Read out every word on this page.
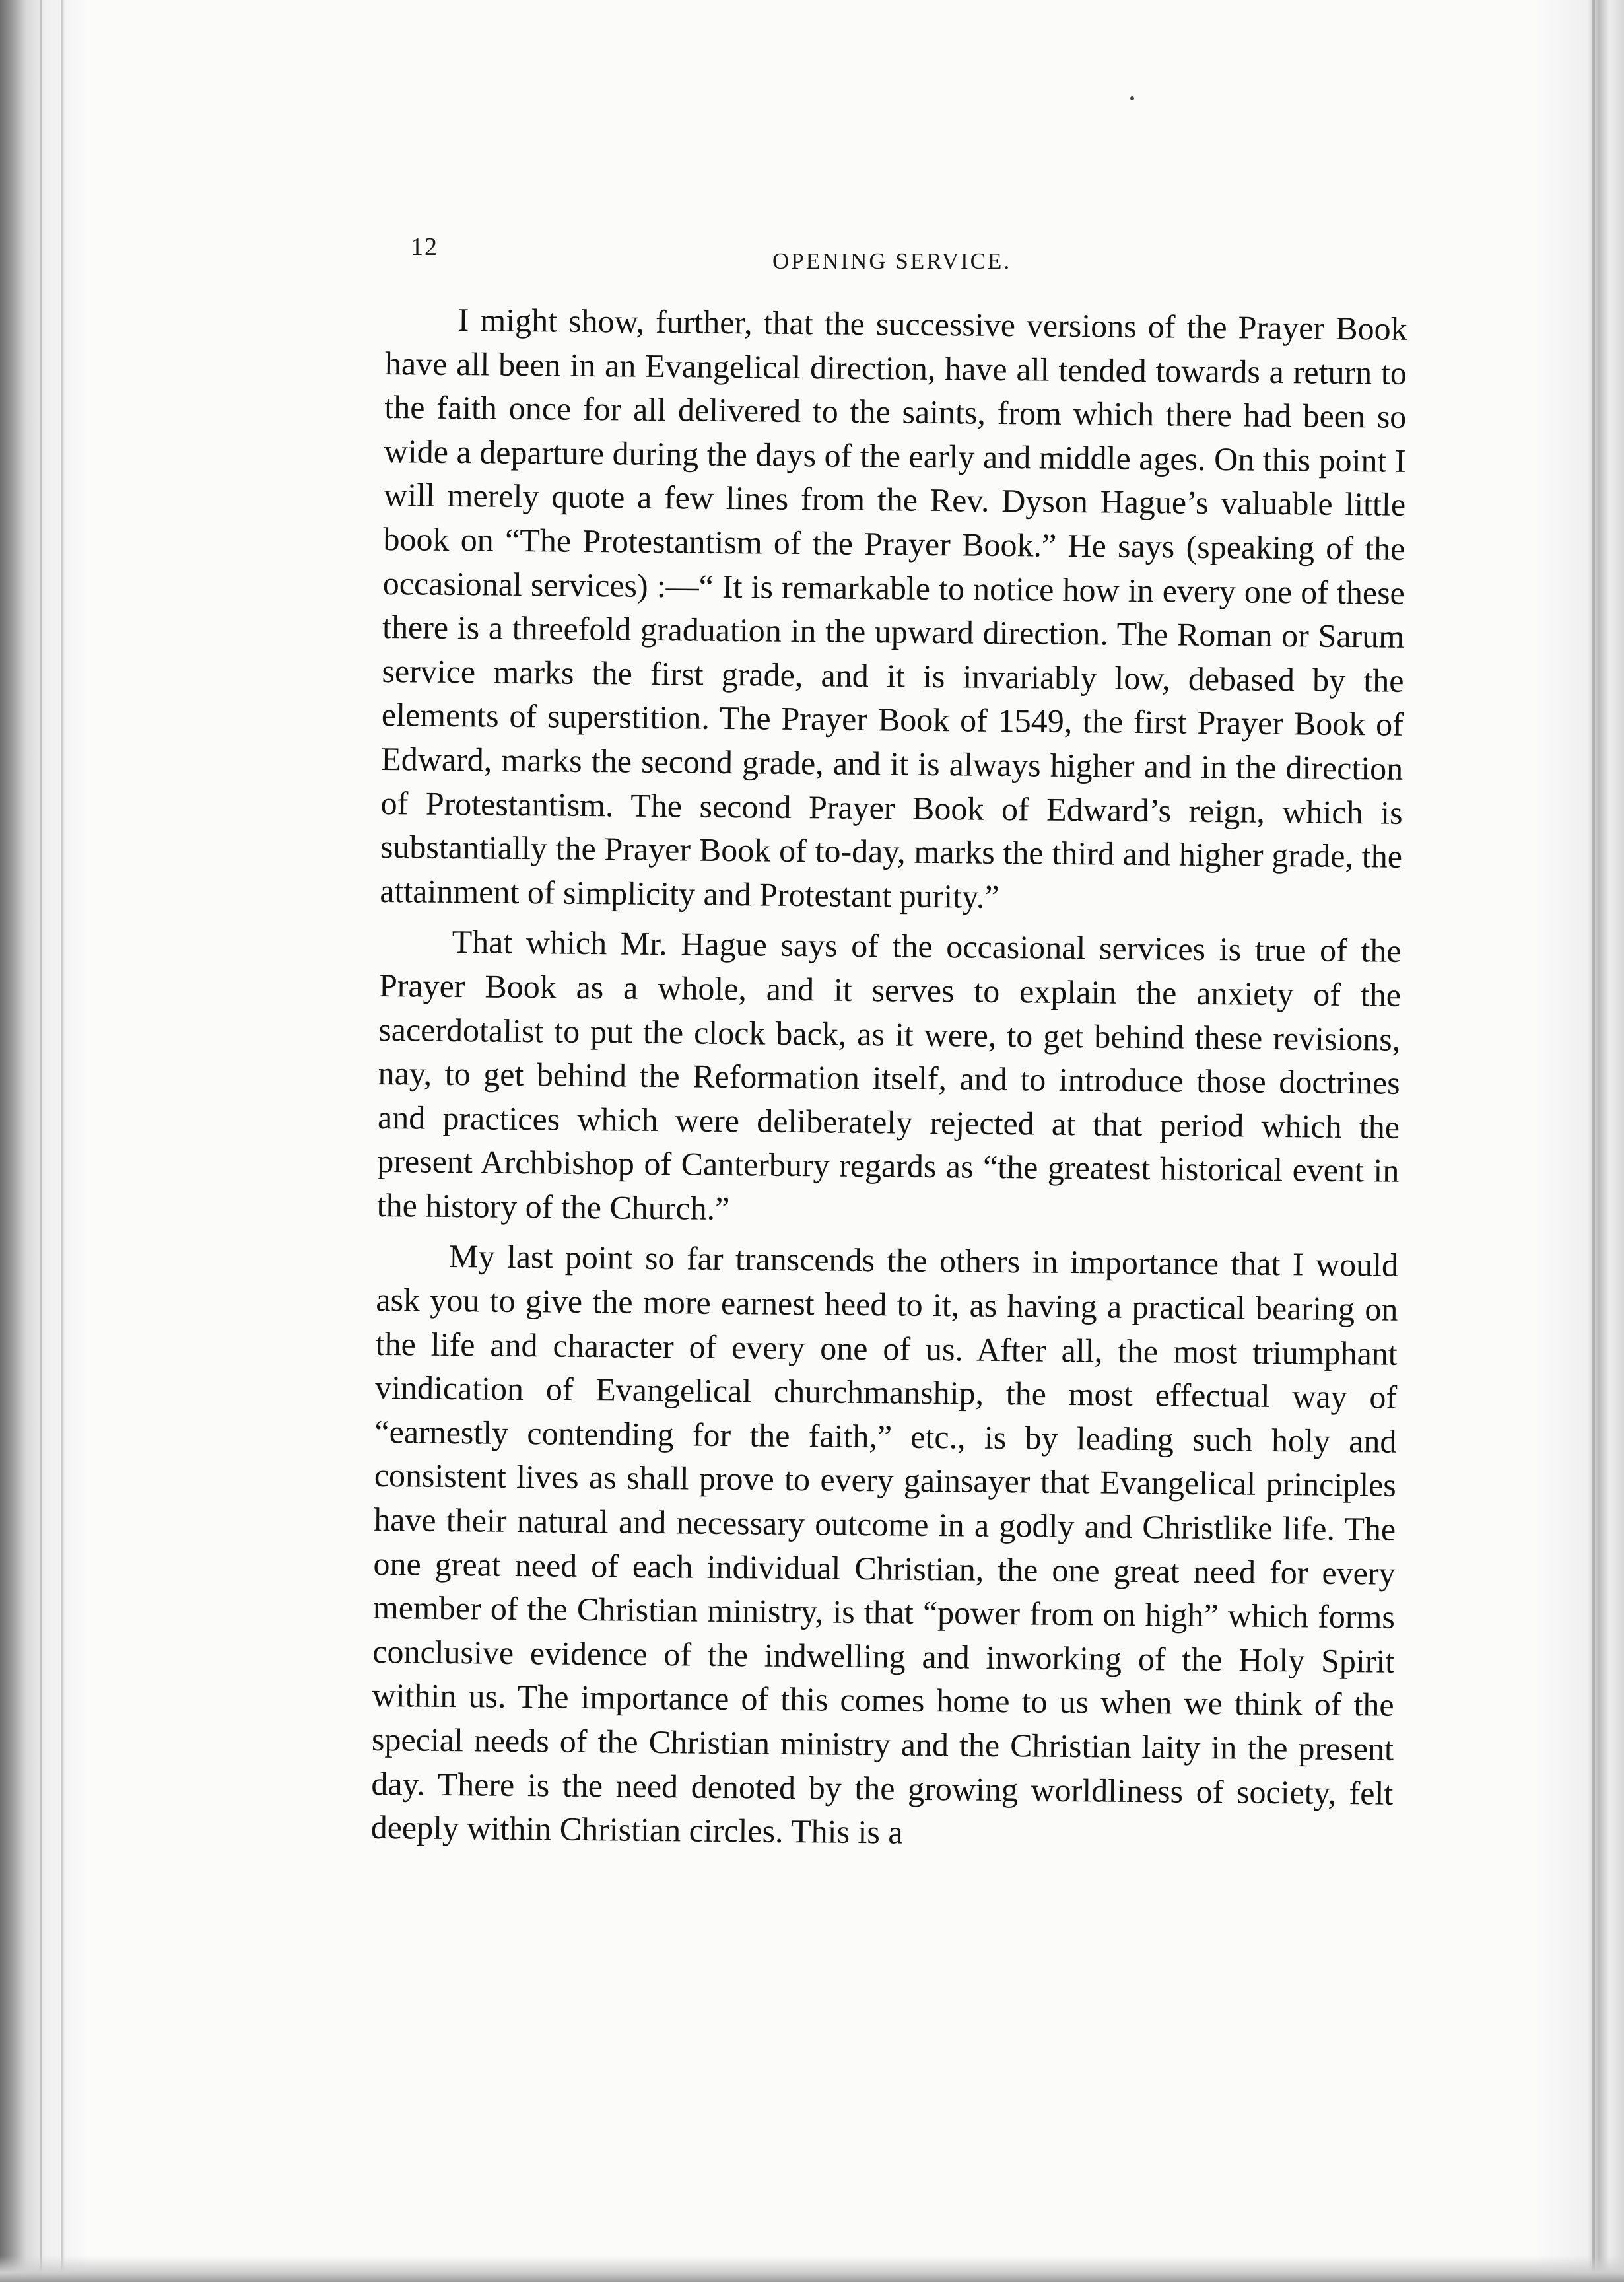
12
OPENING SERVICE.

I might show, further, that the successive versions of the Prayer Book have all been in an Evangelical direction, have all tended towards a return to the faith once for all delivered to the saints, from which there had been so wide a departure during the days of the early and middle ages. On this point I will merely quote a few lines from the Rev. Dyson Hague’s valuable little book on “The Protestantism of the Prayer Book.” He says (speaking of the occasional services) :—“ It is remarkable to notice how in every one of these there is a threefold graduation in the upward direction. The Roman or Sarum service marks the first grade, and it is invariably low, debased by the elements of superstition. The Prayer Book of 1549, the first Prayer Book of Edward, marks the second grade, and it is always higher and in the direction of Protestantism. The second Prayer Book of Edward’s reign, which is substantially the Prayer Book of to-day, marks the third and higher grade, the attainment of simplicity and Protestant purity.”

That which Mr. Hague says of the occasional services is true of the Prayer Book as a whole, and it serves to explain the anxiety of the sacerdotalist to put the clock back, as it were, to get behind these revisions, nay, to get behind the Reformation itself, and to introduce those doctrines and practices which were deliberately rejected at that period which the present Archbishop of Canterbury regards as “the greatest historical event in the history of the Church.”

My last point so far transcends the others in importance that I would ask you to give the more earnest heed to it, as having a practical bearing on the life and character of every one of us. After all, the most triumphant vindication of Evangelical churchmanship, the most effectual way of “earnestly contending for the faith,” etc., is by leading such holy and consistent lives as shall prove to every gainsayer that Evangelical principles have their natural and necessary outcome in a godly and Christlike life. The one great need of each individual Christian, the one great need for every member of the Christian ministry, is that “power from on high” which forms conclusive evidence of the indwelling and inworking of the Holy Spirit within us. The importance of this comes home to us when we think of the special needs of the Christian ministry and the Christian laity in the present day. There is the need denoted by the growing worldliness of society, felt deeply within Christian circles. This is a
